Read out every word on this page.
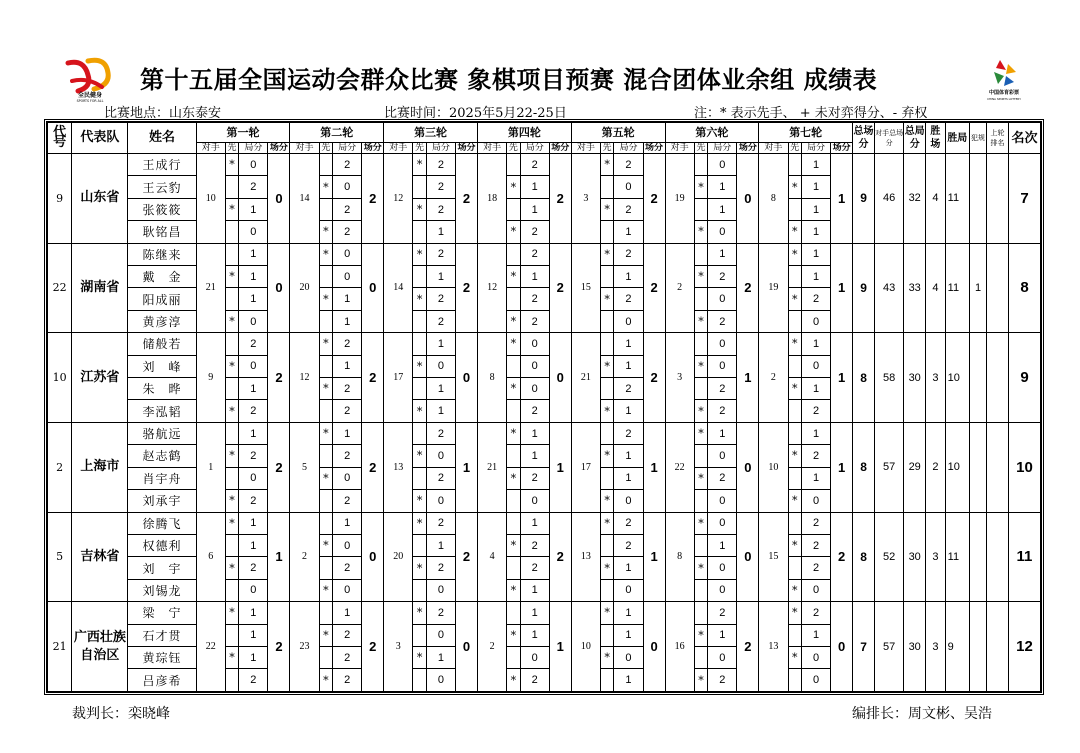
全民健身
SPORTS FOR ALL
中国体育彩票
CHINA SPORTS LOTTERY
第十五届全国运动会群众比赛 象棋项目预赛 混合团体业余组 成绩表
比赛地点：山东泰安	比赛时间：2025年5月22-25日	注：* 表示先手、 + 未对弈得分、- 弃权
代号	代表队	姓名	第一轮				第二轮				第三轮				第四轮				第五轮				第六轮				第七轮				总场分	对手总场分	总局分	胜场	胜局	犯规	上轮排名	名次
			对手	先	局分	场分	对手	先	局分	场分	对手	先	局分	场分	对手	先	局分	场分	对手	先	局分	场分	对手	先	局分	场分	对手	先	局分	场分								
9	山东省	王成行	10	*	0	0	14		2	2	12	*	2	2	18		2	2	3	*	2	2	19		0	0	8		1	1	9	46	32	4	11			7
		王云豹			2			*	0				2			*	1				0			*	1			*	1									
		张筱筱		*	1				2			*	2				1			*	2				1				1									
		耿铭昌			0			*	2				1			*	2				1			*	0			*	1									
22	湖南省	陈继来	21		1	0	20	*	0	0	14	*	2	2	12		2	2	15	*	2	2	2		1	2	19	*	1	1	9	43	33	4	11	1		8
		戴　金		*	1				0				1			*	1				1			*	2				1									
		阳成丽			1			*	1			*	2				2			*	2				0			*	2									
		黄彦淳		*	0				1				2			*	2				0			*	2				0									
10	江苏省	储般若	9		2	2	12	*	2	2	17		1	0	8	*	0	0	21		1	2	3		0	1	2	*	1	1	8	58	30	3	10			9
		刘　峰		*	0				1			*	0				0			*	1			*	0				0									
		朱　晔			1			*	2				1			*	0				2				2			*	1									
		李泓韬		*	2				2			*	1				2			*	1			*	2				2									
2	上海市	骆航远	1		1	2	5	*	1	2	13		2	1	21	*	1	1	17		2	1	22	*	1	0	10		1	1	8	57	29	2	10			10
		赵志鹤		*	2				2			*	0				1			*	1				0			*	2									
		肖宇舟			0			*	0				2			*	2				1			*	2				1									
		刘承宇		*	2				2			*	0				0			*	0				0			*	0									
5	吉林省	徐腾飞	6	*	1	1	2		1	0	20	*	2	2	4		1	2	13	*	2	1	8	*	0	0	15		2	2	8	52	30	3	11			11
		权德利			1			*	0				1			*	2				2				1			*	2									
		刘　宇		*	2				2			*	2				2			*	1			*	0				2									
		刘锡龙			0			*	0				0			*	1				0				0			*	0									
21	广西壮族自治区	梁　宁	22	*	1	2	23		1	2	3	*	2	0	2		1	1	10	*	1	0	16		2	2	13	*	2	0	7	57	30	3	9			12
		石才贯			1			*	2				0			*	1				1			*	1				1									
		黄琮钰		*	1				2			*	1				0			*	0				0			*	0									
		吕彦希			2			*	2				0			*	2				1			*	2				0									
裁判长：栾晓峰	编排长：周文彬、吴浩
